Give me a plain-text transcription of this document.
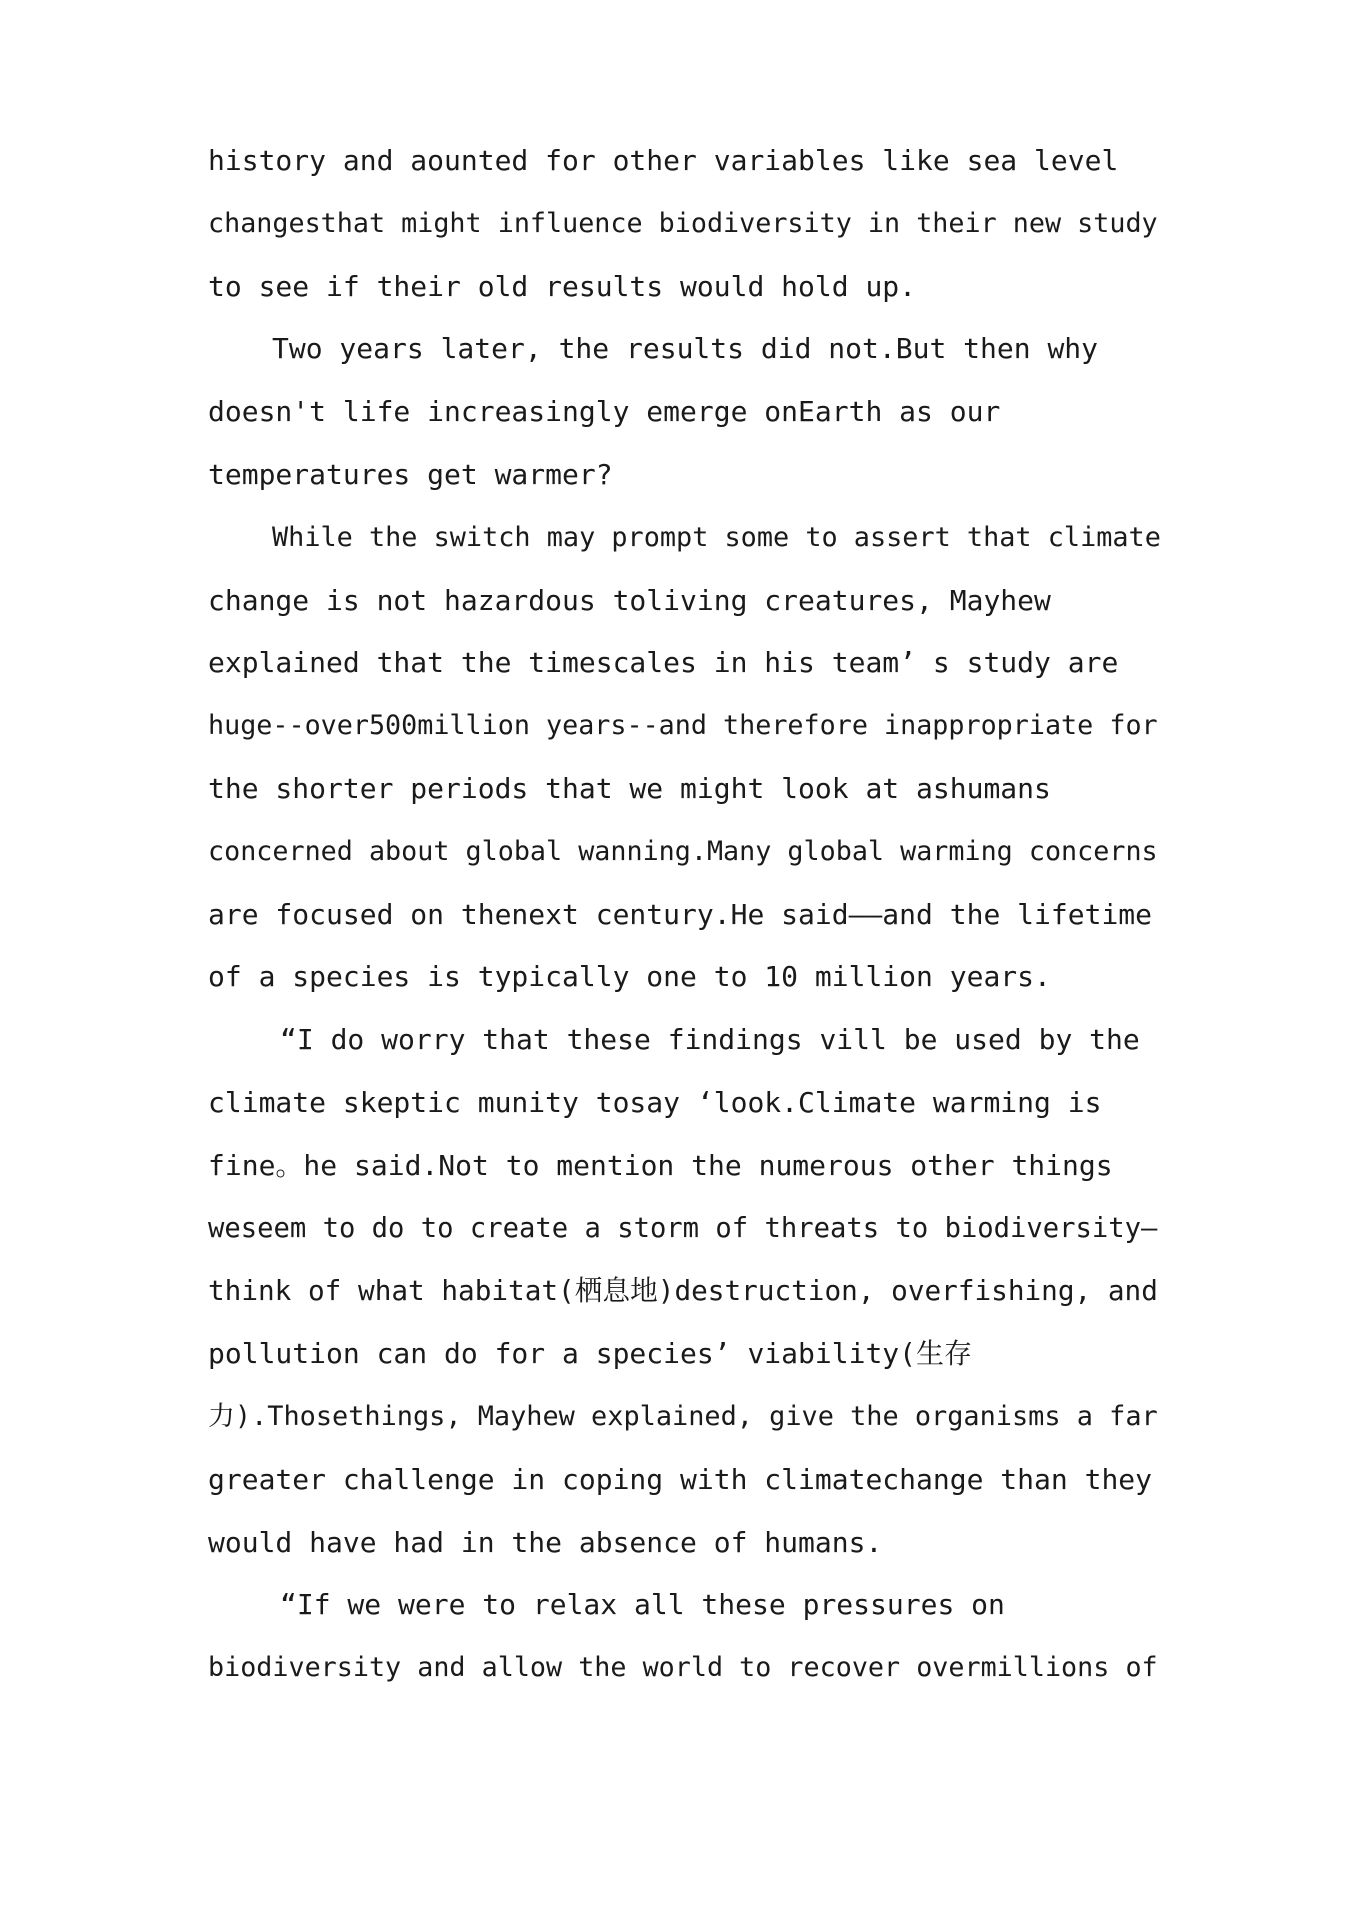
history and aounted for other variables like sea level
changesthat might influence biodiversity in their new study
to see if their old results would hold up.
Two years later, the results did not.But then why
doesn't life increasingly emerge onEarth as our
temperatures get warmer?
While the switch may prompt some to assert that climate
change is not hazardous toliving creatures, Mayhew
explained that the timescales in his team’ s study are
huge--over500million years--and therefore inappropriate for
the shorter periods that we might look at ashumans
concerned about global wanning.Many global warming concerns
are focused on thenext century.He said——and the lifetime
of a species is typically one to 10 million years.
“I do worry that these findings vill be used by the
climate skeptic munity tosay ‘look.Climate warming is
fine。he said.Not to mention the numerous other things
weseem to do to create a storm of threats to biodiversity—
think of what habitat(栖息地)destruction, overfishing, and
pollution can do for a species’ viability(生存
力).Thosethings, Mayhew explained, give the organisms a far
greater challenge in coping with climatechange than they
would have had in the absence of humans.
“If we were to relax all these pressures on
biodiversity and allow the world to recover overmillions of
